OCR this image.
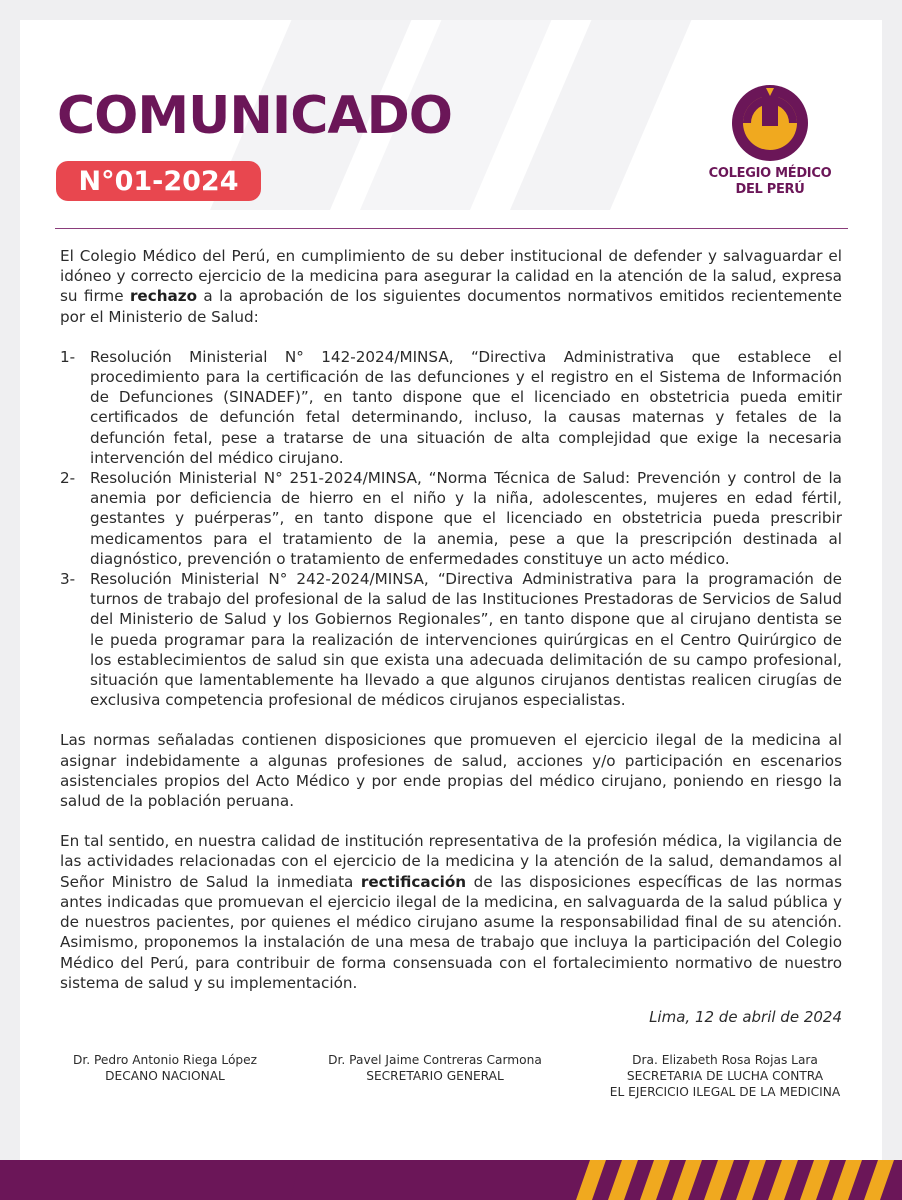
COMUNICADO
N°01-2024	COLEGIO MÉDICO
DEL PERÚ

El Colegio Médico del Perú, en cumplimiento de su deber institucional de defender y salvaguardar el idóneo y correcto ejercicio de la medicina para asegurar la calidad en la atención de la salud, expresa su firme rechazo a la aprobación de los siguientes documentos normativos emitidos recientemente por el Ministerio de Salud:

1- Resolución Ministerial N° 142-2024/MINSA, “Directiva Administrativa que establece el procedimiento para la certificación de las defunciones y el registro en el Sistema de Información de Defunciones (SINADEF)”, en tanto dispone que el licenciado en obstetricia pueda emitir certificados de defunción fetal determinando, incluso, la causas maternas y fetales de la defunción fetal, pese a tratarse de una situación de alta complejidad que exige la necesaria intervención del médico cirujano.
2- Resolución Ministerial N° 251-2024/MINSA, “Norma Técnica de Salud: Prevención y control de la anemia por deficiencia de hierro en el niño y la niña, adolescentes, mujeres en edad fértil, gestantes y puérperas”, en tanto dispone que el licenciado en obstetricia pueda prescribir medicamentos para el tratamiento de la anemia, pese a que la prescripción destinada al diagnóstico, prevención o tratamiento de enfermedades constituye un acto médico.
3- Resolución Ministerial N° 242-2024/MINSA, “Directiva Administrativa para la programación de turnos de trabajo del profesional de la salud de las Instituciones Prestadoras de Servicios de Salud del Ministerio de Salud y los Gobiernos Regionales”, en tanto dispone que al cirujano dentista se le pueda programar para la realización de intervenciones quirúrgicas en el Centro Quirúrgico de los establecimientos de salud sin que exista una adecuada delimitación de su campo profesional, situación que lamentablemente ha llevado a que algunos cirujanos dentistas realicen cirugías de exclusiva competencia profesional de médicos cirujanos especialistas.

Las normas señaladas contienen disposiciones que promueven el ejercicio ilegal de la medicina al asignar indebidamente a algunas profesiones de salud, acciones y/o participación en escenarios asistenciales propios del Acto Médico y por ende propias del médico cirujano, poniendo en riesgo la salud de la población peruana.

En tal sentido, en nuestra calidad de institución representativa de la profesión médica, la vigilancia de las actividades relacionadas con el ejercicio de la medicina y la atención de la salud, demandamos al Señor Ministro de Salud la inmediata rectificación de las disposiciones específicas de las normas antes indicadas que promuevan el ejercicio ilegal de la medicina, en salvaguarda de la salud pública y de nuestros pacientes, por quienes el médico cirujano asume la responsabilidad final de su atención. Asimismo, proponemos la instalación de una mesa de trabajo que incluya la participación del Colegio Médico del Perú, para contribuir de forma consensuada con el fortalecimiento normativo de nuestro sistema de salud y su implementación.

Lima, 12 de abril de 2024
Dr. Pedro Antonio Riega López
DECANO NACIONAL
Dr. Pavel Jaime Contreras Carmona
SECRETARIO GENERAL
Dra. Elizabeth Rosa Rojas Lara
SECRETARIA DE LUCHA CONTRA
EL EJERCICIO ILEGAL DE LA MEDICINA
